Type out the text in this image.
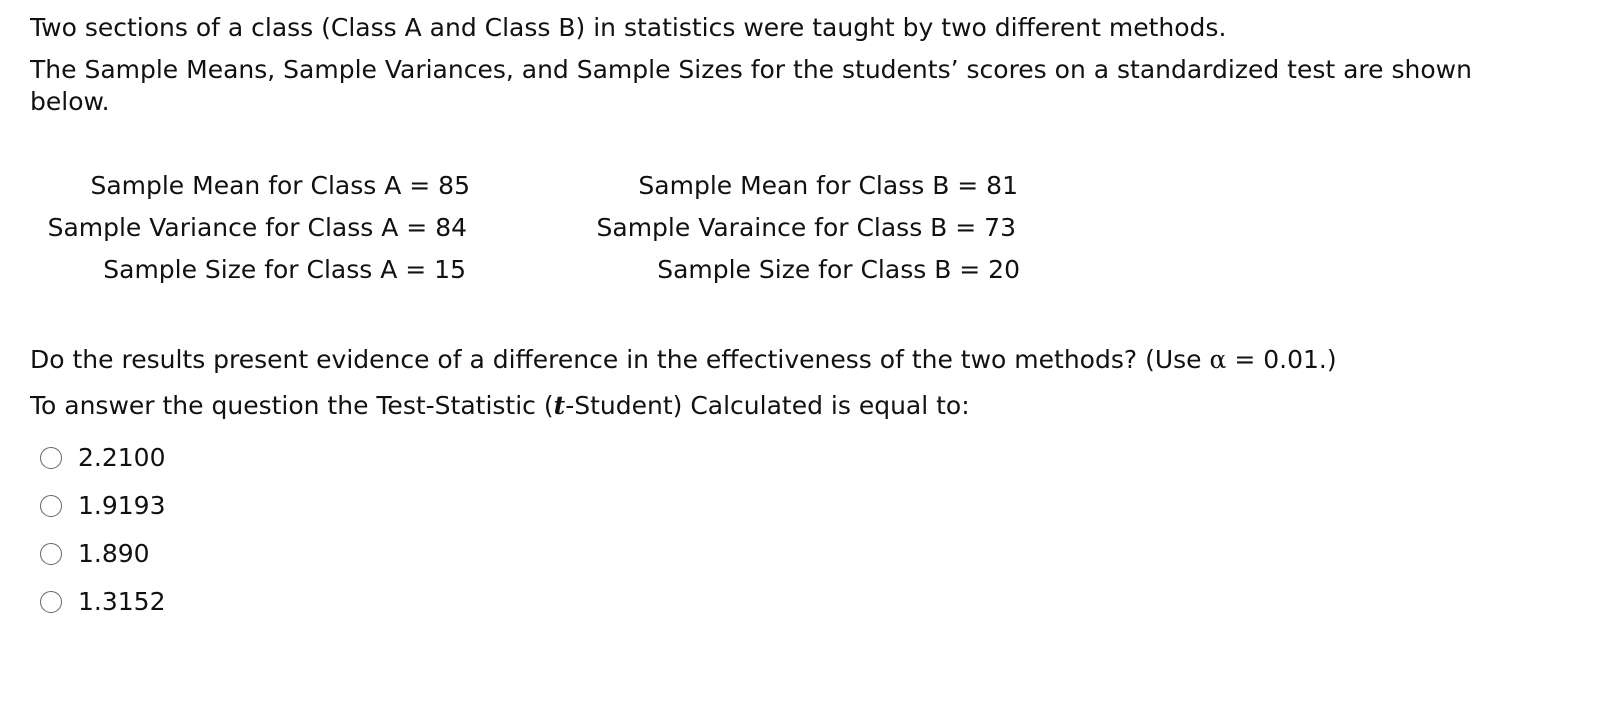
Two sections of a class (Class A and Class B) in statistics were taught by two different methods.

The Sample Means, Sample Variances, and Sample Sizes for the students’ scores on a standardized test are shown below.

Sample Mean for Class A = 85	Sample Mean for Class B = 81
Sample Variance for Class A = 84	Sample Varaince for Class B = 73
Sample Size for Class A = 15	Sample Size for Class B = 20

Do the results present evidence of a difference in the effectiveness of the two methods? (Use α = 0.01.)

To answer the question the Test-Statistic (t-Student) Calculated is equal to:

2.2100
1.9193
1.890
1.3152
